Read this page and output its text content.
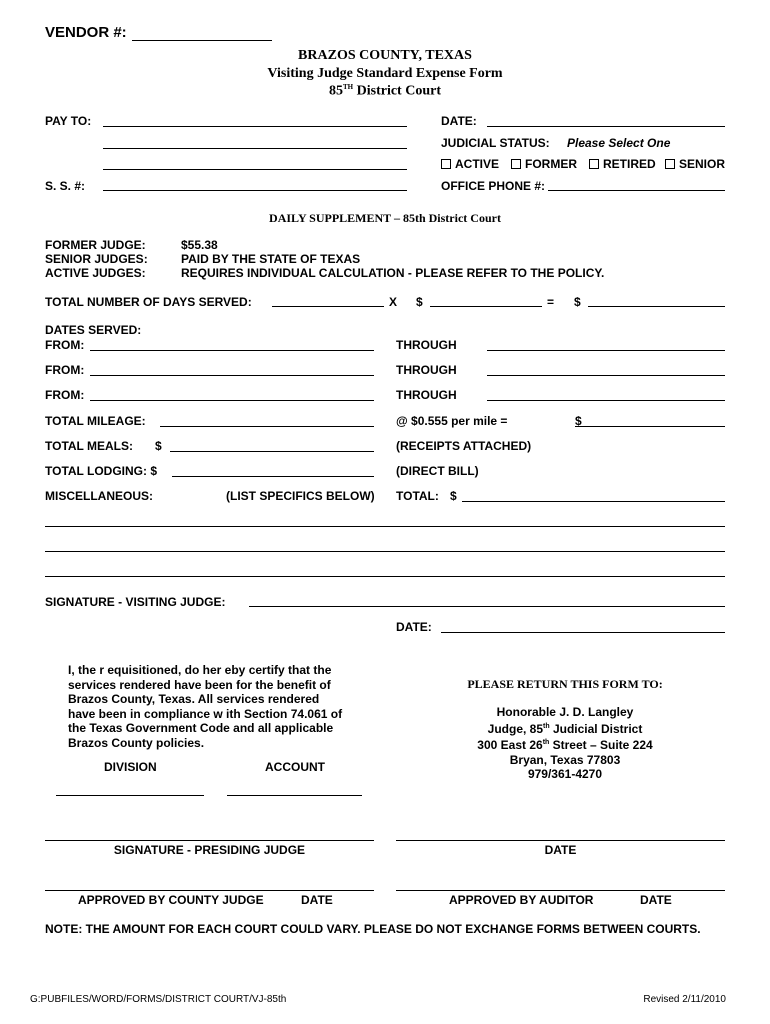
VENDOR #:
BRAZOS COUNTY, TEXAS
Visiting Judge Standard Expense Form
85TH District Court
PAY TO:
S. S. #:
DATE:
JUDICIAL STATUS: Please Select One
ACTIVE	FORMER	RETIRED	SENIOR
OFFICE PHONE #:
DAILY SUPPLEMENT – 85th District Court
FORMER JUDGE:	$55.38
SENIOR JUDGES:	PAID BY THE STATE OF TEXAS
ACTIVE JUDGES:	REQUIRES INDIVIDUAL CALCULATION - PLEASE REFER TO THE POLICY.
TOTAL NUMBER OF DAYS SERVED:	X $	= $
DATES SERVED:
FROM:	THROUGH
FROM:	THROUGH
FROM:	THROUGH
TOTAL MILEAGE:	@ $0.555 per mile =	$
TOTAL MEALS: $	(RECEIPTS ATTACHED)
TOTAL LODGING: $	(DIRECT BILL)
MISCELLANEOUS:	(LIST SPECIFICS BELOW) TOTAL: $
SIGNATURE - VISITING JUDGE:
DATE:
I, the r equisitioned, do her eby certify that the
services rendered have been for the benefit of
Brazos County, Texas. All services rendered
have been in compliance w ith Section 74.061 of
the Texas Government Code and all applicable
Brazos County policies.
DIVISION	ACCOUNT
PLEASE RETURN THIS FORM TO:
Honorable J. D. Langley
Judge, 85th Judicial District
300 East 26th Street – Suite 224
Bryan, Texas 77803
979/361-4270
SIGNATURE - PRESIDING JUDGE	DATE
APPROVED BY COUNTY JUDGE	DATE	APPROVED BY AUDITOR	DATE
NOTE: THE AMOUNT FOR EACH COURT COULD VARY. PLEASE DO NOT EXCHANGE FORMS BETWEEN COURTS.
G:PUBFILES/WORD/FORMS/DISTRICT COURT/VJ-85th	Revised 2/11/2010
